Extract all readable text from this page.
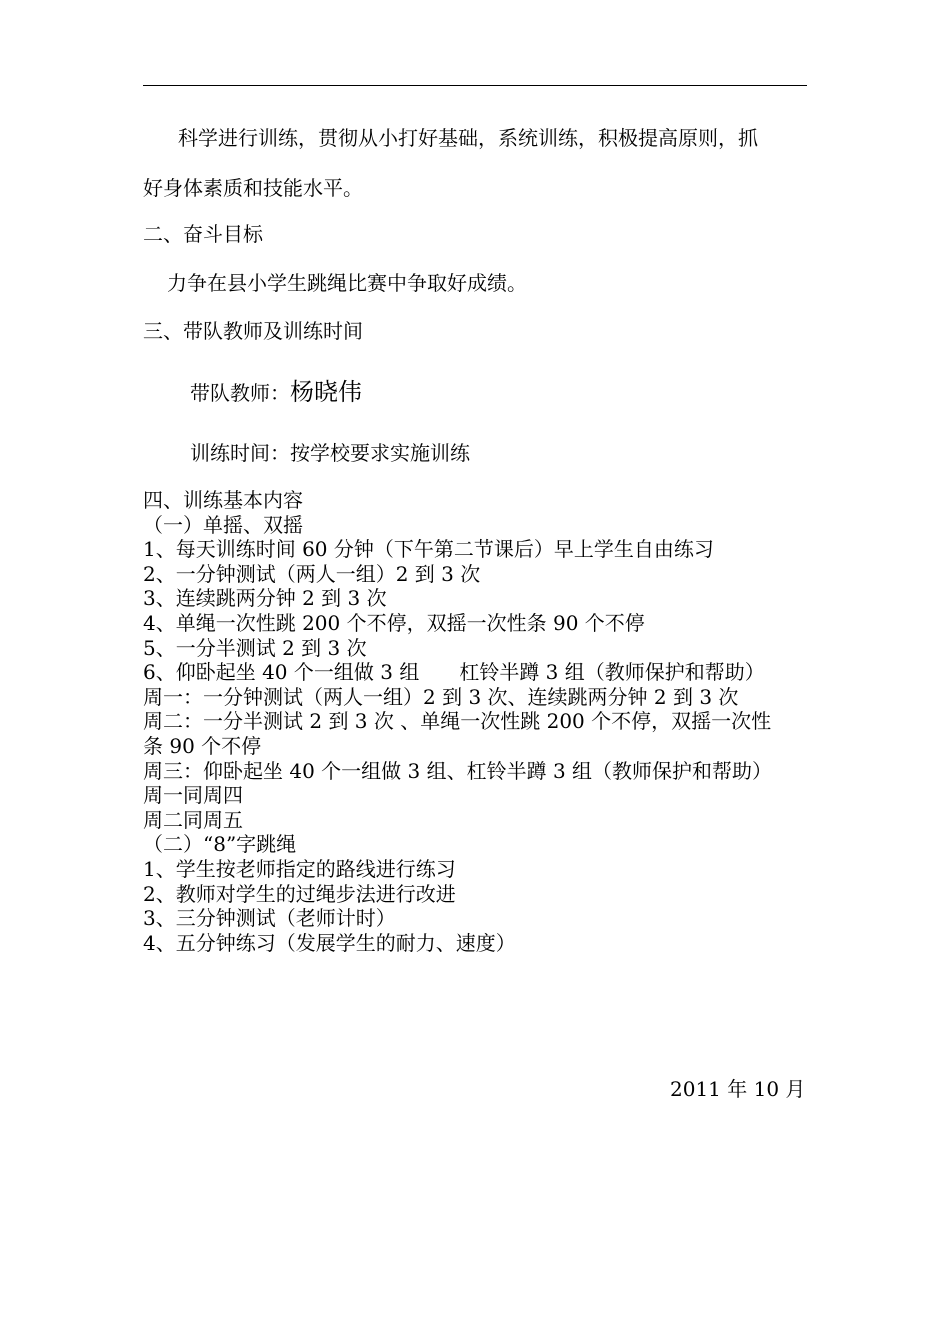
科学进行训练，贯彻从小打好基础，系统训练，积极提高原则，抓
好身体素质和技能水平。
二、奋斗目标
力争在县小学生跳绳比赛中争取好成绩。
三、带队教师及训练时间
带队教师：杨晓伟
训练时间：按学校要求实施训练
四、训练基本内容
（一）单摇、双摇
1、每天训练时间 60 分钟（下午第二节课后）早上学生自由练习
2、一分钟测试（两人一组）2 到 3 次
3、连续跳两分钟 2 到 3 次
4、单绳一次性跳 200 个不停，双摇一次性条 90 个不停
5、一分半测试 2 到 3 次
6、仰卧起坐 40 个一组做 3 组　　杠铃半蹲 3 组（教师保护和帮助）
周一：一分钟测试（两人一组）2 到 3 次、连续跳两分钟 2 到 3 次
周二：一分半测试 2 到 3 次 、单绳一次性跳 200 个不停，双摇一次性
条 90 个不停
周三：仰卧起坐 40 个一组做 3 组、杠铃半蹲 3 组（教师保护和帮助）
周一同周四
周二同周五
（二）“8”字跳绳
1、学生按老师指定的路线进行练习
2、教师对学生的过绳步法进行改进
3、三分钟测试（老师计时）
4、五分钟练习（发展学生的耐力、速度）
2011 年 10 月
